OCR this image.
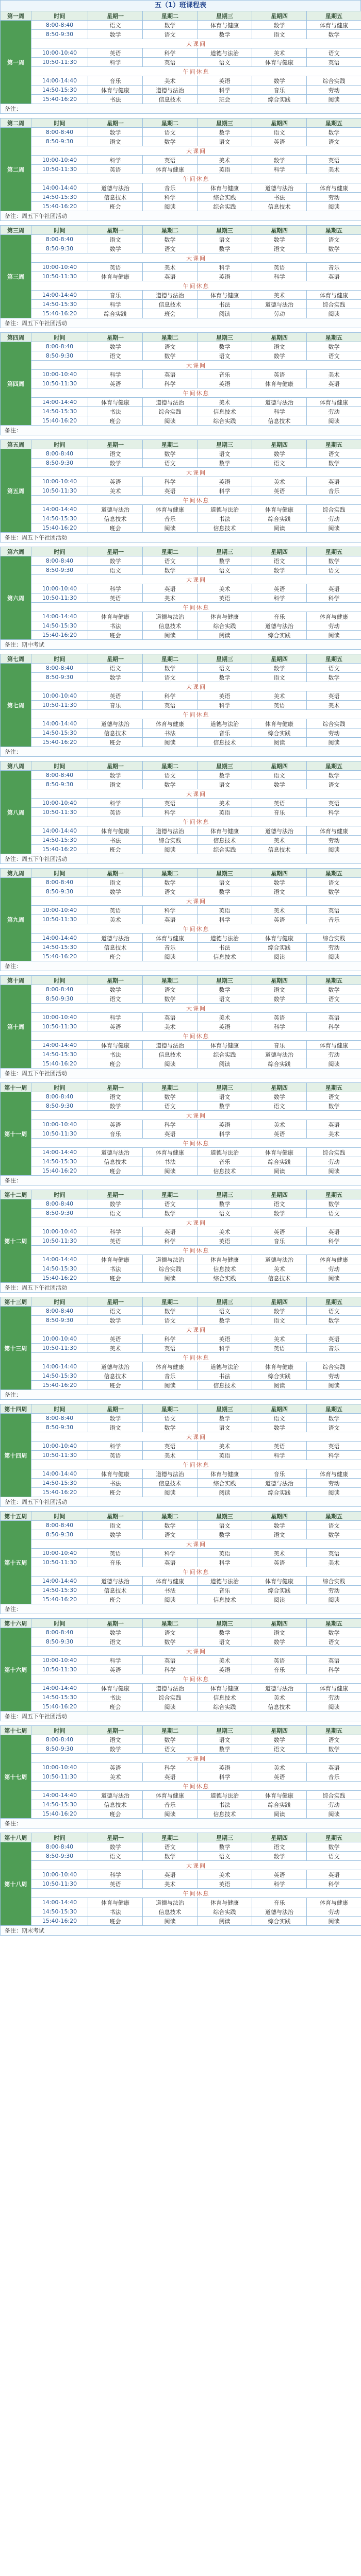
五（1）班课程表
第一周	时间	星期一	星期二	星期三	星期四	星期五
第一周	8:00-8:40	语文	数学	体育与健康	数学	体育与健康
	8:50-9:30	数学	语文	数学	语文	数学
	大课间					
	10:00-10:40	英语	科学	道德与法治	美术	语文
	10:50-11:30	科学	英语	语文	体育与健康	英语
	午间休息					
	14:00-14:40	音乐	美术	英语	数学	综合实践
	14:50-15:30	体育与健康	道德与法治	科学	音乐	劳动
	15:40-16:20	书法	信息技术	班会	综合实践	阅读
备注：						
第二周	时间	星期一	星期二	星期三	星期四	星期五
第二周	8:00-8:40	数学	语文	数学	语文	数学
	8:50-9:30	语文	数学	语文	英语	语文
	大课间					
	10:00-10:40	科学	英语	美术	数学	英语
	10:50-11:30	英语	体育与健康	英语	科学	美术
	午间休息					
	14:00-14:40	道德与法治	音乐	体育与健康	道德与法治	体育与健康
	14:50-15:30	信息技术	科学	综合实践	书法	劳动
	15:40-16:20	班会	阅读	综合实践	信息技术	阅读
备注：周五下午社团活动						
第三周	时间	星期一	星期二	星期三	星期四	星期五
第三周	8:00-8:40	语文	数学	语文	数学	语文
	8:50-9:30	数学	语文	数学	语文	数学
	大课间					
	10:00-10:40	英语	美术	科学	英语	音乐
	10:50-11:30	体育与健康	英语	英语	科学	英语
	午间休息					
	14:00-14:40	音乐	道德与法治	体育与健康	美术	体育与健康
	14:50-15:30	科学	信息技术	书法	道德与法治	综合实践
	15:40-16:20	综合实践	班会	阅读	劳动	阅读
备注：周五下午社团活动						
第四周	时间	星期一	星期二	星期三	星期四	星期五
第四周	8:00-8:40	数学	语文	数学	语文	数学
	8:50-9:30	语文	数学	语文	数学	语文
	大课间					
	10:00-10:40	科学	英语	音乐	英语	美术
	10:50-11:30	英语	科学	英语	体育与健康	英语
	午间休息					
	14:00-14:40	体育与健康	道德与法治	美术	道德与法治	体育与健康
	14:50-15:30	书法	综合实践	信息技术	科学	劳动
	15:40-16:20	班会	阅读	综合实践	信息技术	阅读
备注：						
第五周	时间	星期一	星期二	星期三	星期四	星期五
第五周	8:00-8:40	语文	数学	语文	数学	语文
	8:50-9:30	数学	语文	数学	语文	数学
	大课间					
	10:00-10:40	英语	科学	英语	美术	英语
	10:50-11:30	美术	英语	科学	英语	音乐
	午间休息					
	14:00-14:40	道德与法治	体育与健康	道德与法治	体育与健康	综合实践
	14:50-15:30	信息技术	音乐	书法	综合实践	劳动
	15:40-16:20	班会	阅读	信息技术	阅读	阅读
备注：周五下午社团活动						
第六周	时间	星期一	星期二	星期三	星期四	星期五
第六周	8:00-8:40	数学	语文	数学	语文	数学
	8:50-9:30	语文	数学	语文	数学	语文
	大课间					
	10:00-10:40	科学	英语	美术	英语	英语
	10:50-11:30	英语	美术	英语	科学	科学
	午间休息					
	14:00-14:40	体育与健康	道德与法治	体育与健康	音乐	体育与健康
	14:50-15:30	书法	信息技术	综合实践	道德与法治	劳动
	15:40-16:20	班会	阅读	阅读	综合实践	阅读
备注：期中考试						
第七周	时间	星期一	星期二	星期三	星期四	星期五
第七周	8:00-8:40	语文	数学	语文	数学	语文
	8:50-9:30	数学	语文	数学	语文	数学
	大课间					
	10:00-10:40	英语	科学	英语	美术	英语
	10:50-11:30	音乐	英语	科学	英语	美术
	午间休息					
	14:00-14:40	道德与法治	体育与健康	道德与法治	体育与健康	综合实践
	14:50-15:30	信息技术	书法	音乐	综合实践	劳动
	15:40-16:20	班会	阅读	信息技术	阅读	阅读
备注：						
第八周	时间	星期一	星期二	星期三	星期四	星期五
第八周	8:00-8:40	数学	语文	数学	语文	数学
	8:50-9:30	语文	数学	语文	数学	语文
	大课间					
	10:00-10:40	科学	英语	美术	英语	英语
	10:50-11:30	英语	科学	英语	音乐	科学
	午间休息					
	14:00-14:40	体育与健康	道德与法治	体育与健康	道德与法治	体育与健康
	14:50-15:30	书法	综合实践	信息技术	美术	劳动
	15:40-16:20	班会	阅读	综合实践	信息技术	阅读
备注：周五下午社团活动						
第九周	时间	星期一	星期二	星期三	星期四	星期五
第九周	8:00-8:40	语文	数学	语文	数学	语文
	8:50-9:30	数学	语文	数学	语文	数学
	大课间					
	10:00-10:40	英语	科学	英语	美术	英语
	10:50-11:30	美术	英语	科学	英语	音乐
	午间休息					
	14:00-14:40	道德与法治	体育与健康	道德与法治	体育与健康	综合实践
	14:50-15:30	信息技术	音乐	书法	综合实践	劳动
	15:40-16:20	班会	阅读	信息技术	阅读	阅读
备注：						
第十周	时间	星期一	星期二	星期三	星期四	星期五
第十周	8:00-8:40	数学	语文	数学	语文	数学
	8:50-9:30	语文	数学	语文	数学	语文
	大课间					
	10:00-10:40	科学	英语	美术	英语	英语
	10:50-11:30	英语	美术	英语	科学	科学
	午间休息					
	14:00-14:40	体育与健康	道德与法治	体育与健康	音乐	体育与健康
	14:50-15:30	书法	信息技术	综合实践	道德与法治	劳动
	15:40-16:20	班会	阅读	阅读	综合实践	阅读
备注：周五下午社团活动						
第十一周	时间	星期一	星期二	星期三	星期四	星期五
第十一周	8:00-8:40	语文	数学	语文	数学	语文
	8:50-9:30	数学	语文	数学	语文	数学
	大课间					
	10:00-10:40	英语	科学	英语	美术	英语
	10:50-11:30	音乐	英语	科学	英语	美术
	午间休息					
	14:00-14:40	道德与法治	体育与健康	道德与法治	体育与健康	综合实践
	14:50-15:30	信息技术	书法	音乐	综合实践	劳动
	15:40-16:20	班会	阅读	信息技术	阅读	阅读
备注：						
第十二周	时间	星期一	星期二	星期三	星期四	星期五
第十二周	8:00-8:40	数学	语文	数学	语文	数学
	8:50-9:30	语文	数学	语文	数学	语文
	大课间					
	10:00-10:40	科学	英语	美术	英语	英语
	10:50-11:30	英语	科学	英语	音乐	科学
	午间休息					
	14:00-14:40	体育与健康	道德与法治	体育与健康	道德与法治	体育与健康
	14:50-15:30	书法	综合实践	信息技术	美术	劳动
	15:40-16:20	班会	阅读	综合实践	信息技术	阅读
备注：周五下午社团活动						
第十三周	时间	星期一	星期二	星期三	星期四	星期五
第十三周	8:00-8:40	语文	数学	语文	数学	语文
	8:50-9:30	数学	语文	数学	语文	数学
	大课间					
	10:00-10:40	英语	科学	英语	美术	英语
	10:50-11:30	美术	英语	科学	英语	音乐
	午间休息					
	14:00-14:40	道德与法治	体育与健康	道德与法治	体育与健康	综合实践
	14:50-15:30	信息技术	音乐	书法	综合实践	劳动
	15:40-16:20	班会	阅读	信息技术	阅读	阅读
备注：						
第十四周	时间	星期一	星期二	星期三	星期四	星期五
第十四周	8:00-8:40	数学	语文	数学	语文	数学
	8:50-9:30	语文	数学	语文	数学	语文
	大课间					
	10:00-10:40	科学	英语	美术	英语	英语
	10:50-11:30	英语	美术	英语	科学	科学
	午间休息					
	14:00-14:40	体育与健康	道德与法治	体育与健康	音乐	体育与健康
	14:50-15:30	书法	信息技术	综合实践	道德与法治	劳动
	15:40-16:20	班会	阅读	阅读	综合实践	阅读
备注：周五下午社团活动						
第十五周	时间	星期一	星期二	星期三	星期四	星期五
第十五周	8:00-8:40	语文	数学	语文	数学	语文
	8:50-9:30	数学	语文	数学	语文	数学
	大课间					
	10:00-10:40	英语	科学	英语	美术	英语
	10:50-11:30	音乐	英语	科学	英语	美术
	午间休息					
	14:00-14:40	道德与法治	体育与健康	道德与法治	体育与健康	综合实践
	14:50-15:30	信息技术	书法	音乐	综合实践	劳动
	15:40-16:20	班会	阅读	信息技术	阅读	阅读
备注：						
第十六周	时间	星期一	星期二	星期三	星期四	星期五
第十六周	8:00-8:40	数学	语文	数学	语文	数学
	8:50-9:30	语文	数学	语文	数学	语文
	大课间					
	10:00-10:40	科学	英语	美术	英语	英语
	10:50-11:30	英语	科学	英语	音乐	科学
	午间休息					
	14:00-14:40	体育与健康	道德与法治	体育与健康	道德与法治	体育与健康
	14:50-15:30	书法	综合实践	信息技术	美术	劳动
	15:40-16:20	班会	阅读	综合实践	信息技术	阅读
备注：周五下午社团活动						
第十七周	时间	星期一	星期二	星期三	星期四	星期五
第十七周	8:00-8:40	语文	数学	语文	数学	语文
	8:50-9:30	数学	语文	数学	语文	数学
	大课间					
	10:00-10:40	英语	科学	英语	美术	英语
	10:50-11:30	美术	英语	科学	英语	音乐
	午间休息					
	14:00-14:40	道德与法治	体育与健康	道德与法治	体育与健康	综合实践
	14:50-15:30	信息技术	音乐	书法	综合实践	劳动
	15:40-16:20	班会	阅读	信息技术	阅读	阅读
备注：						
第十八周	时间	星期一	星期二	星期三	星期四	星期五
第十八周	8:00-8:40	数学	语文	数学	语文	数学
	8:50-9:30	语文	数学	语文	数学	语文
	大课间					
	10:00-10:40	科学	英语	美术	英语	英语
	10:50-11:30	英语	美术	英语	科学	科学
	午间休息					
	14:00-14:40	体育与健康	道德与法治	体育与健康	音乐	体育与健康
	14:50-15:30	书法	信息技术	综合实践	道德与法治	劳动
	15:40-16:20	班会	阅读	阅读	综合实践	阅读
备注：期末考试						
